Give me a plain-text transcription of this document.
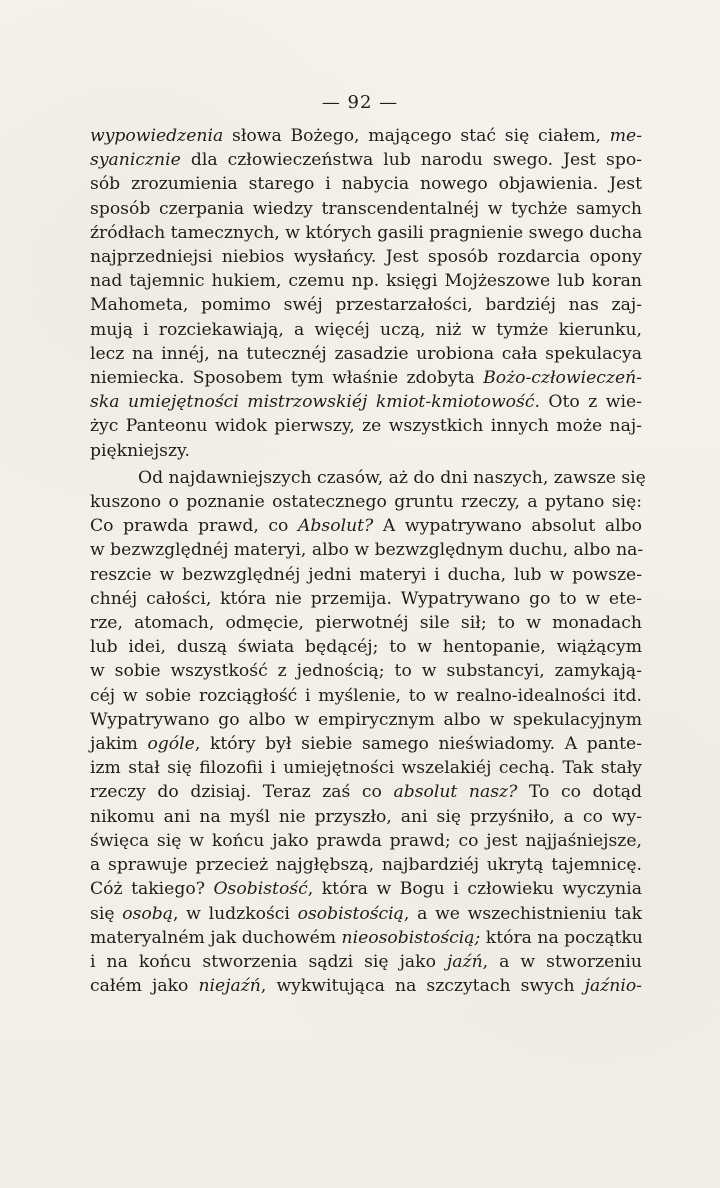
— 92 —
wypowiedzenia słowa Bożego, mającego stać się ciałem, me-
syanicznie dla człowieczeństwa lub narodu swego. Jest spo-
sób zrozumienia starego i nabycia nowego objawienia. Jest
sposób czerpania wiedzy transcendentalnéj w tychże samych
źródłach tamecznych, w których gasili pragnienie swego ducha
najprzedniejsi niebios wysłańcy. Jest sposób rozdarcia opony
nad tajemnic hukiem, czemu np. księgi Mojżeszowe lub koran
Mahometa, pomimo swéj przestarzałości, bardziéj nas zaj-
mują i rozciekawiają, a więcéj uczą, niż w tymże kierunku,
lecz na innéj, na tutecznéj zasadzie urobiona cała spekulacya
niemiecka. Sposobem tym właśnie zdobyta Bożo-człowieczeń-
ska umiejętności mistrzowskiéj kmiot-kmiotowość. Oto z wie-
życ Panteonu widok pierwszy, ze wszystkich innych może naj-
piękniejszy.
Od najdawniejszych czasów, aż do dni naszych, zawsze się
kuszono o poznanie ostatecznego gruntu rzeczy, a pytano się:
Co prawda prawd, co Absolut? A wypatrywano absolut albo
w bezwzględnéj materyi, albo w bezwzględnym duchu, albo na-
reszcie w bezwzględnéj jedni materyi i ducha, lub w powsze-
chnéj całości, która nie przemija. Wypatrywano go to w ete-
rze, atomach, odmęcie, pierwotnéj sile sił; to w monadach
lub idei, duszą świata będącéj; to w hentopanie, wiążącym
w sobie wszystkość z jednością; to w substancyi, zamykają-
céj w sobie rozciągłość i myślenie, to w realno-idealności itd.
Wypatrywano go albo w empirycznym albo w spekulacyjnym
jakim ogóle, który był siebie samego nieświadomy. A pante-
izm stał się filozofii i umiejętności wszelakiéj cechą. Tak stały
rzeczy do dzisiaj. Teraz zaś co absolut nasz? To co dotąd
nikomu ani na myśl nie przyszło, ani się przyśniło, a co wy-
święca się w końcu jako prawda prawd; co jest najjaśniejsze,
a sprawuje przecież najgłębszą, najbardziéj ukrytą tajemnicę.
Cóż takiego? Osobistość, która w Bogu i człowieku wyczynia
się osobą, w ludzkości osobistością, a we wszechistnieniu tak
materyalném jak duchowém nieosobistością; która na początku
i na końcu stworzenia sądzi się jako jaźń, a w stworzeniu
całém jako niejaźń, wykwitująca na szczytach swych jaźnio-
